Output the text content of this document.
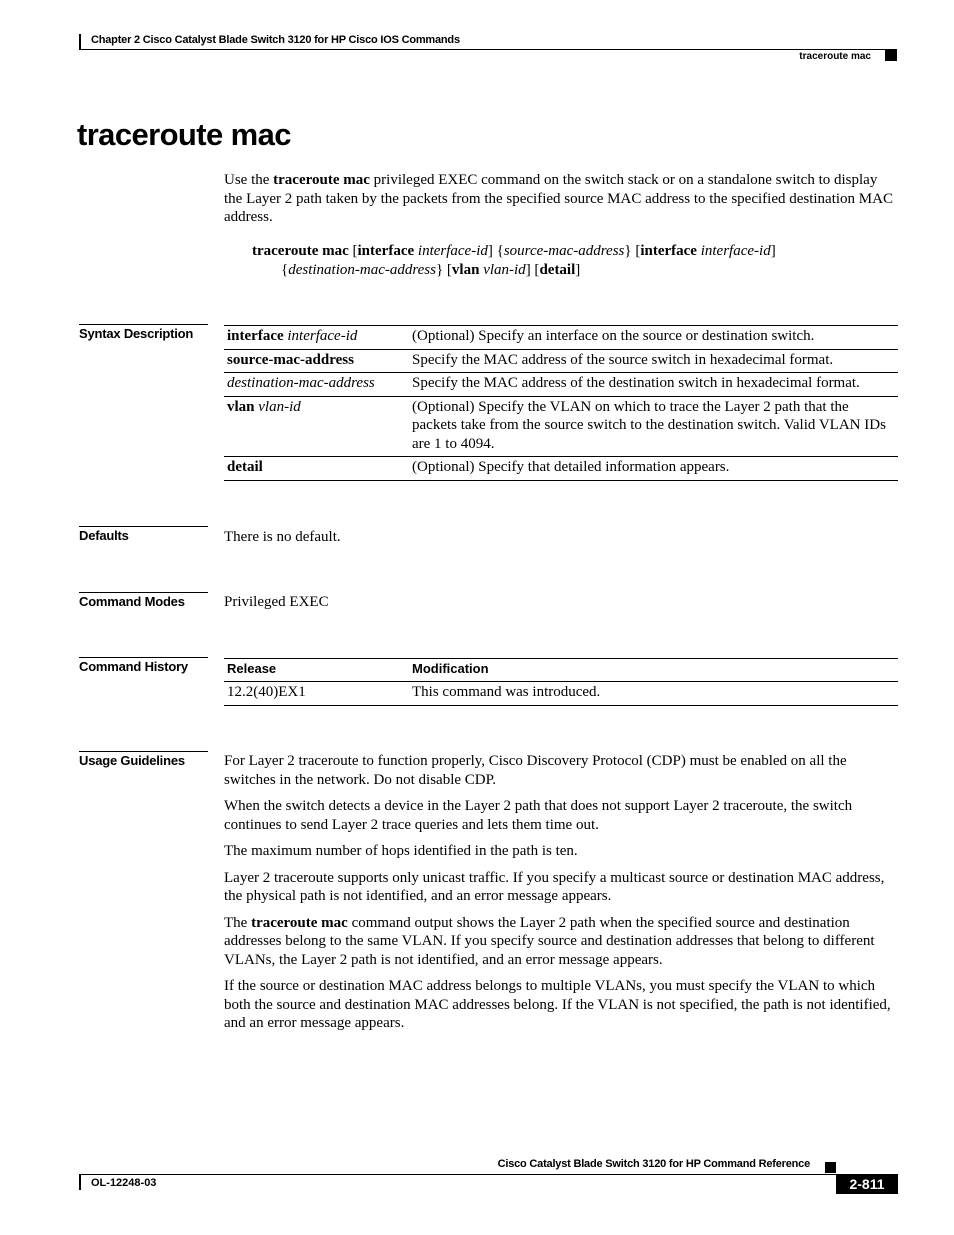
Chapter 2 Cisco Catalyst Blade Switch 3120 for HP Cisco IOS Commands
traceroute mac
traceroute mac
Use the traceroute mac privileged EXEC command on the switch stack or on a standalone switch to display the Layer 2 path taken by the packets from the specified source MAC address to the specified destination MAC address.
traceroute mac [interface interface-id] {source-mac-address} [interface interface-id]
{destination-mac-address} [vlan vlan-id] [detail]
Syntax Description	interface interface-id	(Optional) Specify an interface on the source or destination switch.
source-mac-address	Specify the MAC address of the source switch in hexadecimal format.
destination-mac-address	Specify the MAC address of the destination switch in hexadecimal format.
vlan vlan-id	(Optional) Specify the VLAN on which to trace the Layer 2 path that the packets take from the source switch to the destination switch. Valid VLAN IDs are 1 to 4094.
detail	(Optional) Specify that detailed information appears.
Defaults	There is no default.
Command Modes	Privileged EXEC
Command History	Release	Modification
12.2(40)EX1	This command was introduced.
Usage Guidelines	For Layer 2 traceroute to function properly, Cisco Discovery Protocol (CDP) must be enabled on all the switches in the network. Do not disable CDP.

When the switch detects a device in the Layer 2 path that does not support Layer 2 traceroute, the switch continues to send Layer 2 trace queries and lets them time out.

The maximum number of hops identified in the path is ten.

Layer 2 traceroute supports only unicast traffic. If you specify a multicast source or destination MAC address, the physical path is not identified, and an error message appears.

The traceroute mac command output shows the Layer 2 path when the specified source and destination addresses belong to the same VLAN. If you specify source and destination addresses that belong to different VLANs, the Layer 2 path is not identified, and an error message appears.

If the source or destination MAC address belongs to multiple VLANs, you must specify the VLAN to which both the source and destination MAC addresses belong. If the VLAN is not specified, the path is not identified, and an error message appears.

Cisco Catalyst Blade Switch 3120 for HP Command Reference
OL-12248-03	2-811
